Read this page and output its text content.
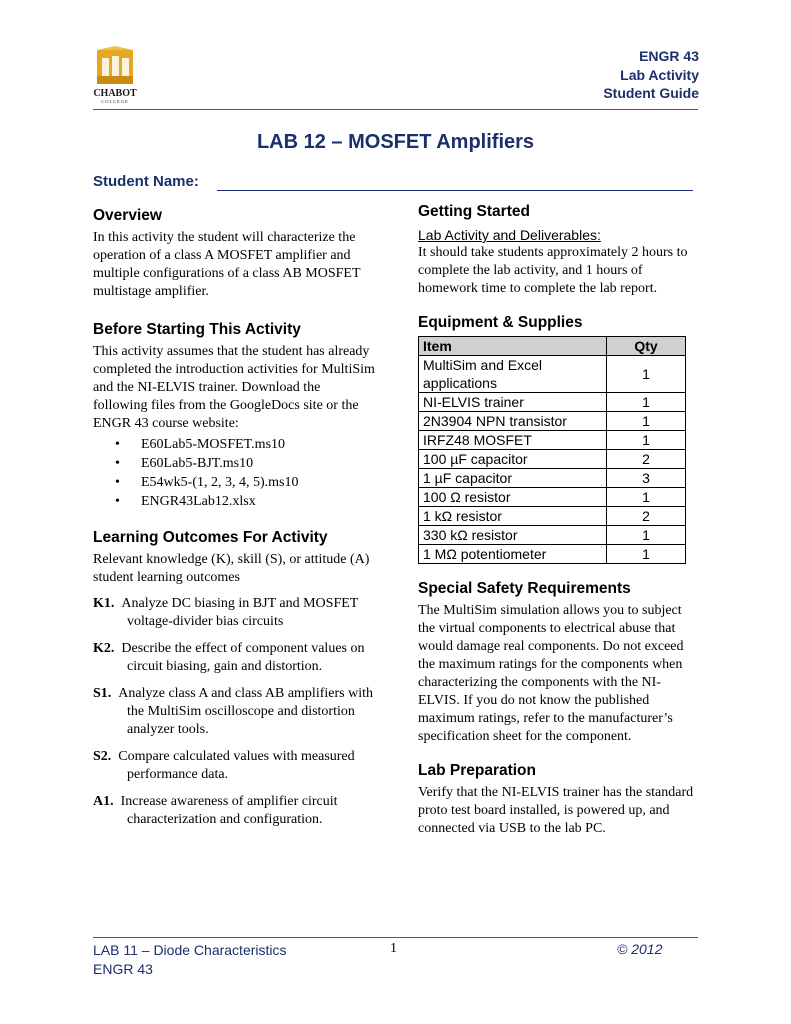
CHABOT
COLLEGE
ENGR 43
Lab Activity
Student Guide
LAB 12 – MOSFET Amplifiers
Student Name:
Overview

In this activity the student will characterize the operation of a class A MOSFET amplifier and multiple configurations of a class AB MOSFET multistage amplifier.

Before Starting This Activity

This activity assumes that the student has already completed the introduction activities for MultiSim and the NI-ELVIS trainer. Download the following files from the GoogleDocs site or the ENGR 43 course website:

• E60Lab5-MOSFET.ms10
• E60Lab5-BJT.ms10
• E54wk5-(1, 2, 3, 4, 5).ms10
• ENGR43Lab12.xlsx
Learning Outcomes For Activity

Relevant knowledge (K), skill (S), or attitude (A) student learning outcomes

K1. Analyze DC biasing in BJT and MOSFET voltage-divider bias circuits

K2. Describe the effect of component values on circuit biasing, gain and distortion.

S1. Analyze class A and class AB amplifiers with the MultiSim oscilloscope and distortion analyzer tools.

S2. Compare calculated values with measured performance data.

A1. Increase awareness of amplifier circuit characterization and configuration.

Getting Started
Lab Activity and Deliverables:

It should take students approximately 2 hours to complete the lab activity, and 1 hours of homework time to complete the lab report.

Equipment & Supplies
Item	Qty
MultiSim and Excel applications	1
NI-ELVIS trainer	1
2N3904 NPN transistor	1
IRFZ48 MOSFET	1
100 µF capacitor	2
1 µF capacitor	3
100 Ω resistor	1
1 kΩ resistor	2
330 kΩ resistor	1
1 MΩ potentiometer	1
Special Safety Requirements

The MultiSim simulation allows you to subject the virtual components to electrical abuse that would damage real components. Do not exceed the maximum ratings for the components when characterizing the components with the NI-ELVIS. If you do not know the published maximum ratings, refer to the manufacturer’s specification sheet for the component.

Lab Preparation

Verify that the NI-ELVIS trainer has the standard proto test board installed, is powered up, and connected via USB to the lab PC.

LAB 11 – Diode Characteristics
ENGR 43
1	© 2012
